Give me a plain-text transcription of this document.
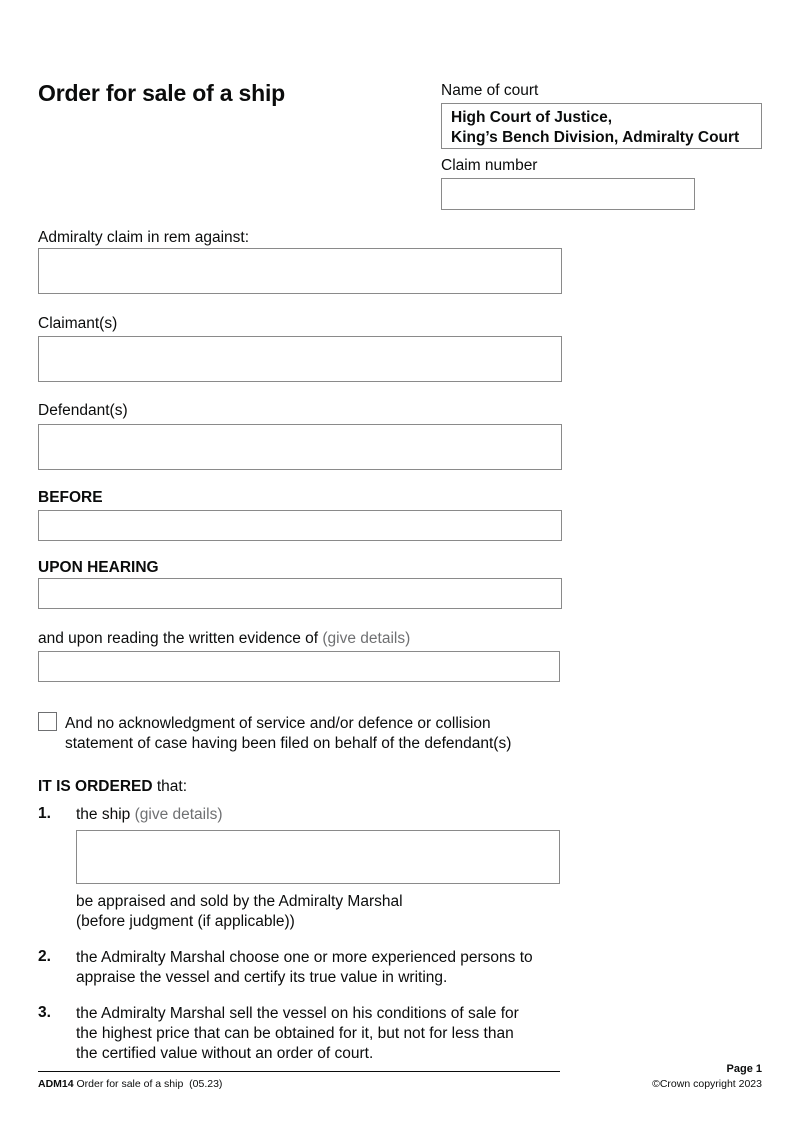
Order for sale of a ship	Name of court
High Court of Justice,
King’s Bench Division, Admiralty Court
Claim number
Admiralty claim in rem against:
Claimant(s)
Defendant(s)
BEFORE
UPON HEARING
and upon reading the written evidence of (give details)
And no acknowledgment of service and/or defence or collision
statement of case having been filed on behalf of the defendant(s)
IT IS ORDERED that:
1. the ship (give details)
be appraised and sold by the Admiralty Marshal
(before judgment (if applicable))
2. the Admiralty Marshal choose one or more experienced persons to
appraise the vessel and certify its true value in writing.
3. the Admiralty Marshal sell the vessel on his conditions of sale for
the highest price that can be obtained for it, but not for less than
the certified value without an order of court.
Page 1
ADM14 Order for sale of a ship  (05.23)	©Crown copyright 2023
